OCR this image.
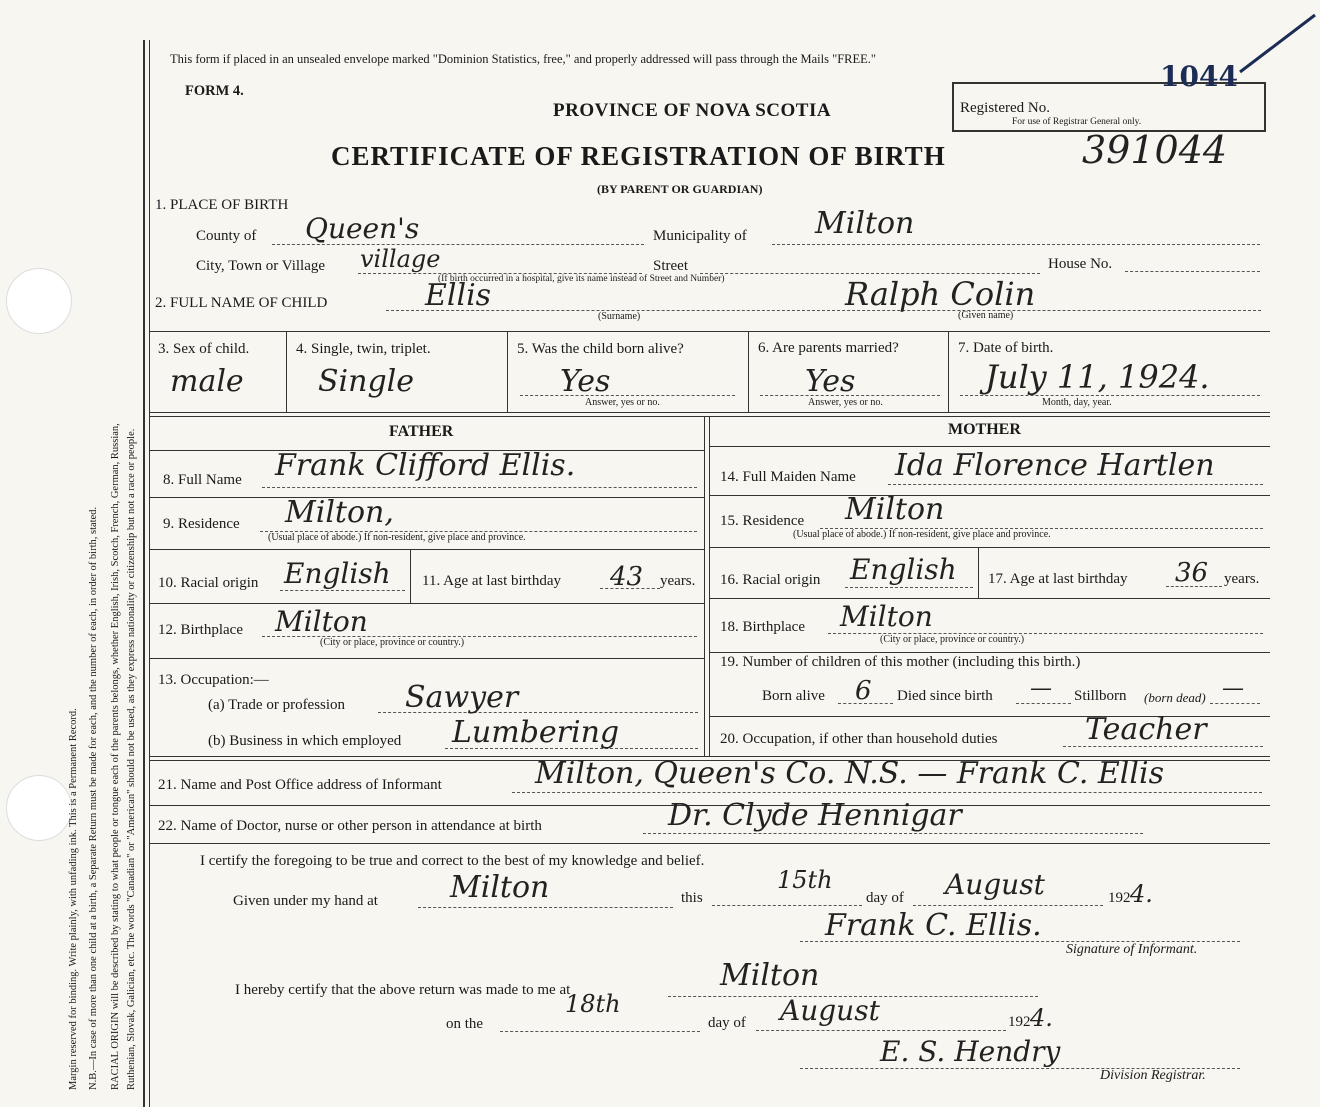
Margin reserved for binding. Write plainly, with unfading ink. This is a Permanent Record. N.B.—In case of more than one child at a birth, a Separate Return must be made for each, and the number of each, in order of birth, stated. RACIAL ORIGIN will be described by stating to what people or tongue each of the parents belongs, whether English, Irish, Scotch, French, German, Russian, Ruthenian, Slovak, Galician, etc. The words "Canadian" or "American" should not be used, as they express nationality or citizenship but not a race or people.
This form if placed in an unsealed envelope marked "Dominion Statistics, free," and properly addressed will pass through the Mails "FREE."
FORM 4.
PROVINCE OF NOVA SCOTIA
CERTIFICATE OF REGISTRATION OF BIRTH
(BY PARENT OR GUARDIAN)
391044
Registered No.
For use of Registrar General only.
1044
1. PLACE OF BIRTH
County of Queen's	Municipality of Milton
City, Town or Village village
(If birth occurred in a hospital, give its name instead of Street and Number)
Street	House No.
2. FULL NAME OF CHILD	Ellis
(Surname)
Ralph Colin
(Given name)
3. Sex of child.
male
4. Single, twin, triplet.
Single
5. Was the child born alive?
Yes
Answer, yes or no.
6. Are parents married?
Yes
Answer, yes or no.
7. Date of birth.
July 11, 1924.
Month, day, year.
FATHER	MOTHER
8. Full Name Frank Clifford Ellis.
9. Residence Milton,
(Usual place of abode.) If non-resident, give place and province.
10. Racial origin English 11. Age at last birthday 43 years.
12. Birthplace Milton
(City or place, province or country.)
13. Occupation:—
(a) Trade or profession Sawyer
(b) Business in which employed Lumbering
14. Full Maiden Name Ida Florence Hartlen
15. Residence Milton
(Usual place of abode.) If non-resident, give place and province.
16. Racial origin English 17. Age at last birthday 36 years.
18. Birthplace Milton
(City or place, province or country.)
19. Number of children of this mother (including this birth.)
Born alive 6 Died since birth — Stillborn (born dead) —
20. Occupation, if other than household duties	Teacher
21. Name and Post Office address of Informant	Milton, Queen's Co. N.S. — Frank C. Ellis
22. Name of Doctor, nurse or other person in attendance at birth	Dr. Clyde Hennigar
I certify the foregoing to be true and correct to the best of my knowledge and belief.
Given under my hand at Milton	this
15th
day of August	192 4.
Frank C. Ellis.
Signature of Informant.
I hereby certify that the above return was made to me at	Milton
on the
18th
day of August	192 4.
E. S. Hendry
Division Registrar.
